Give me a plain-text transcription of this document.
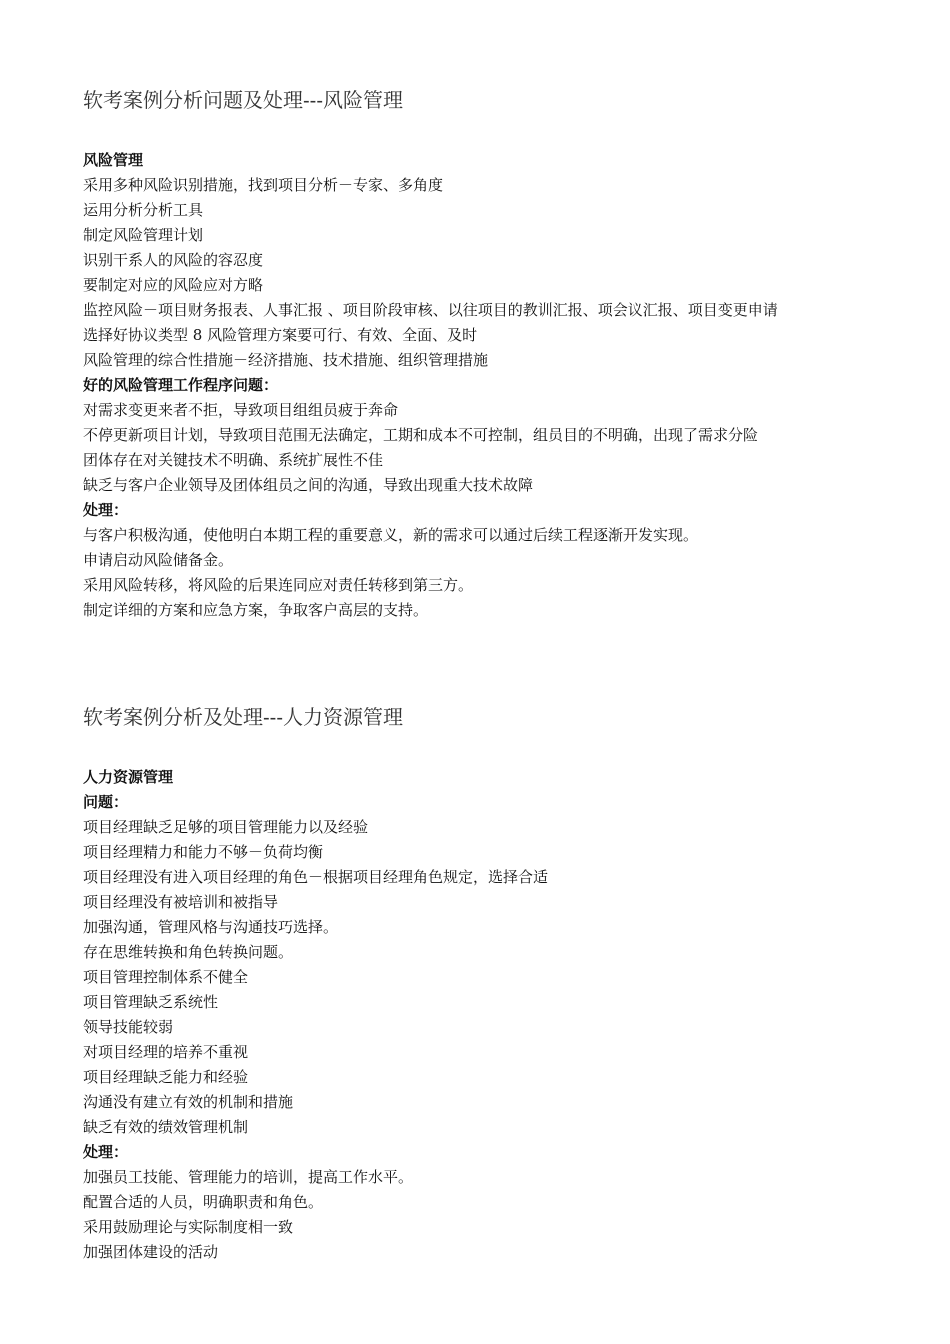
软考案例分析问题及处理---风险管理
风险管理
采用多种风险识别措施，找到项目分析－专家、多角度
运用分析分析工具
制定风险管理计划
识别干系人的风险的容忍度
要制定对应的风险应对方略
监控风险－项目财务报表、人事汇报 、项目阶段审核、以往项目的教训汇报、项会议汇报、项目变更申请
选择好协议类型 8 风险管理方案要可行、有效、全面、及时
风险管理的综合性措施－经济措施、技术措施、组织管理措施
好的风险管理工作程序问题：
对需求变更来者不拒，导致项目组组员疲于奔命
不停更新项目计划，导致项目范围无法确定，工期和成本不可控制，组员目的不明确，出现了需求分险
团体存在对关键技术不明确、系统扩展性不佳
缺乏与客户企业领导及团体组员之间的沟通，导致出现重大技术故障
处理：
与客户积极沟通，使他明白本期工程的重要意义，新的需求可以通过后续工程逐渐开发实现。
申请启动风险储备金。
采用风险转移，将风险的后果连同应对责任转移到第三方。
制定详细的方案和应急方案，争取客户高层的支持。
软考案例分析及处理---人力资源管理
人力资源管理
问题：
项目经理缺乏足够的项目管理能力以及经验
项目经理精力和能力不够－负荷均衡
项目经理没有进入项目经理的角色－根据项目经理角色规定，选择合适
项目经理没有被培训和被指导
加强沟通，管理风格与沟通技巧选择。
存在思维转换和角色转换问题。
项目管理控制体系不健全
项目管理缺乏系统性
领导技能较弱
对项目经理的培养不重视
项目经理缺乏能力和经验
沟通没有建立有效的机制和措施
缺乏有效的绩效管理机制
处理：
加强员工技能、管理能力的培训，提高工作水平。
配置合适的人员，明确职责和角色。
采用鼓励理论与实际制度相一致
加强团体建设的活动
